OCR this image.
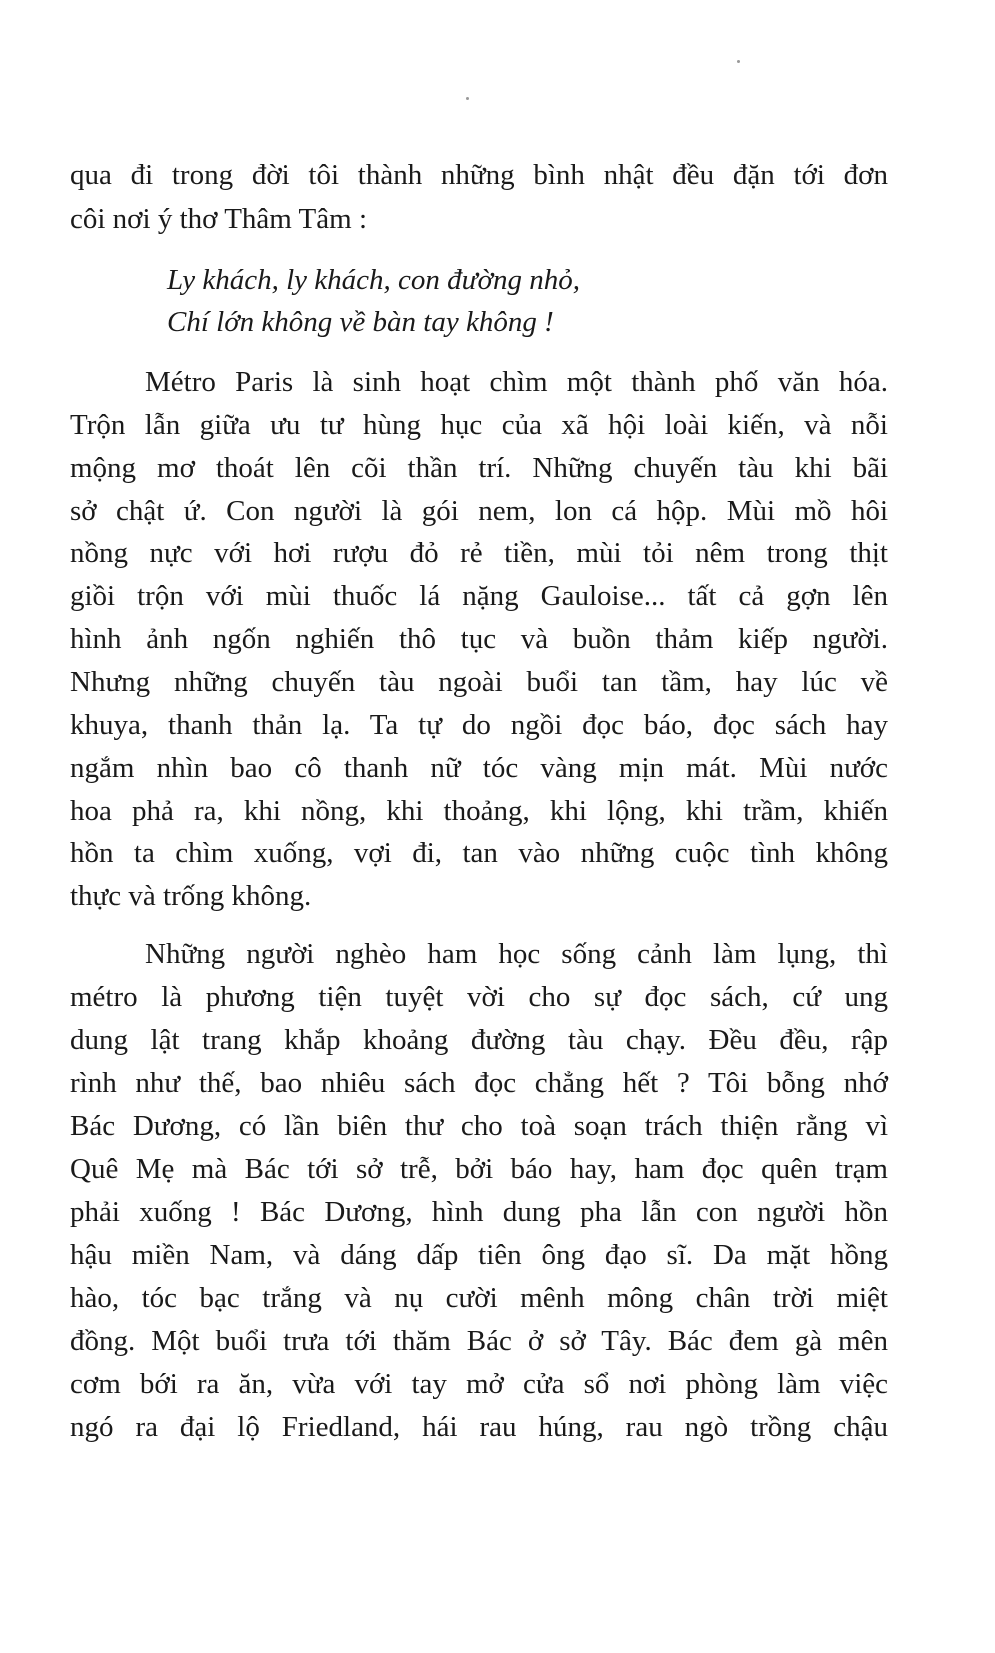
qua đi trong đời tôi thành những bình nhật đều đặn tới đơn
côi nơi ý thơ Thâm Tâm :
Ly khách, ly khách, con đường nhỏ,
Chí lớn không về bàn tay không !
Métro Paris là sinh hoạt chìm một thành phố văn hóa.
Trộn lẫn giữa ưu tư hùng hục của xã hội loài kiến, và nỗi
mộng mơ thoát lên cõi thần trí. Những chuyến tàu khi bãi
sở chật ứ. Con người là gói nem, lon cá hộp. Mùi mồ hôi
nồng nực với hơi rượu đỏ rẻ tiền, mùi tỏi nêm trong thịt
giồi trộn với mùi thuốc lá nặng Gauloise... tất cả gợn lên
hình ảnh ngốn nghiến thô tục và buồn thảm kiếp người.
Nhưng những chuyến tàu ngoài buổi tan tầm, hay lúc về
khuya, thanh thản lạ. Ta tự do ngồi đọc báo, đọc sách hay
ngắm nhìn bao cô thanh nữ tóc vàng mịn mát. Mùi nước
hoa phả ra, khi nồng, khi thoảng, khi lộng, khi trầm, khiến
hồn ta chìm xuống, vợi đi, tan vào những cuộc tình không
thực và trống không.
Những người nghèo ham học sống cảnh làm lụng, thì
métro là phương tiện tuyệt vời cho sự đọc sách, cứ ung
dung lật trang khắp khoảng đường tàu chạy. Đều đều, rập
rình như thế, bao nhiêu sách đọc chẳng hết ? Tôi bỗng nhớ
Bác Dương, có lần biên thư cho toà soạn trách thiện rằng vì
Quê Mẹ mà Bác tới sở trễ, bởi báo hay, ham đọc quên trạm
phải xuống ! Bác Dương, hình dung pha lẫn con người hồn
hậu miền Nam, và dáng dấp tiên ông đạo sĩ. Da mặt hồng
hào, tóc bạc trắng và nụ cười mênh mông chân trời miệt
đồng. Một buổi trưa tới thăm Bác ở sở Tây. Bác đem gà mên
cơm bới ra ăn, vừa với tay mở cửa sổ nơi phòng làm việc
ngó ra đại lộ Friedland, hái rau húng, rau ngò trồng chậu
